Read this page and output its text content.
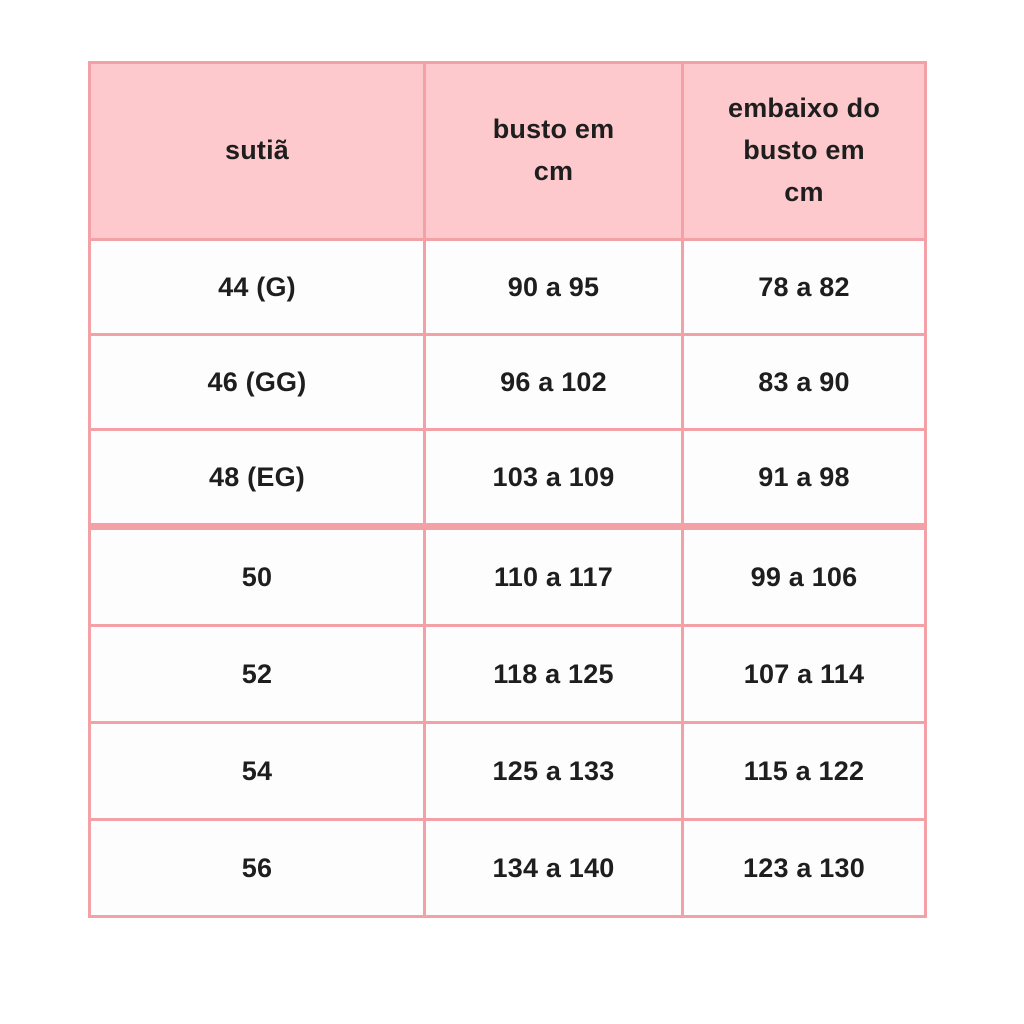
sutiã	busto em cm	embaixo do busto em cm
44 (G)	90 a 95	78 a 82
46 (GG)	96 a 102	83 a 90
48 (EG)	103 a 109	91 a 98
50	110 a 117	99 a 106
52	118 a 125	107 a 114
54	125 a 133	115 a 122
56	134 a 140	123 a 130
